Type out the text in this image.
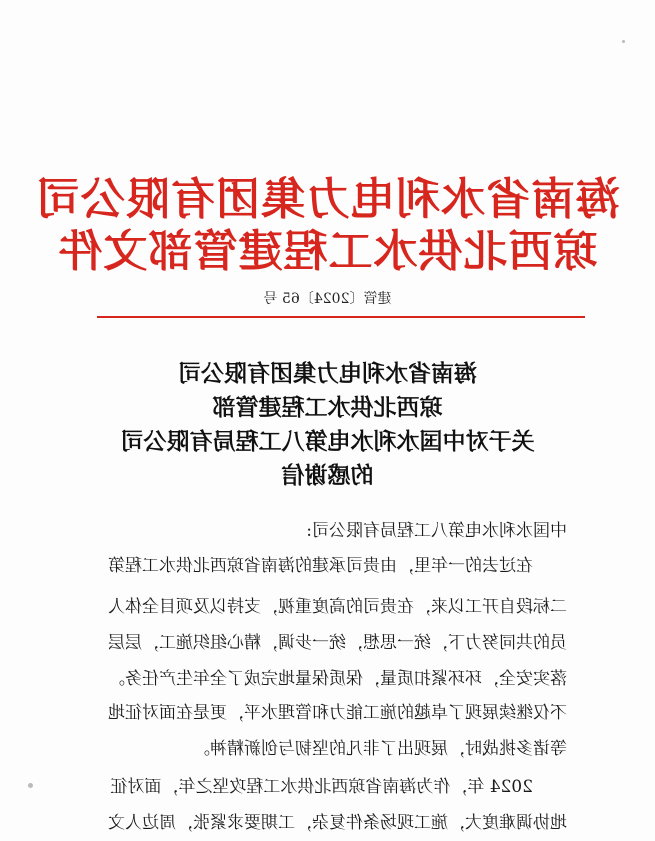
海南省水利电力集团有限公司
琼西北供水工程建管部文件
建管〔2024〕65 号
海南省水利电力集团有限公司
琼西北供水工程建管部
关于对中国水利水电第八工程局有限公司
的感谢信
中国水利水电第八工程局有限公司:
在过去的一年里，由贵司承建的海南省琼西北供水工程第
二标段自开工以来，在贵司的高度重视，支持以及项目全体人
员的共同努力下，统一思想，统一步调，精心组织施工，层层
落实安全，环环紧扣质量，保质保量地完成了全年生产任务。
不仅继续展现了卓越的施工能力和管理水平，更是在面对征地
等诸多挑战时，展现出了非凡的坚韧与创新精神。
2024 年，作为海南省琼西北供水工程攻坚之年，面对征
地协调难度大，施工现场条件复杂，工期要求紧张，周边人文
